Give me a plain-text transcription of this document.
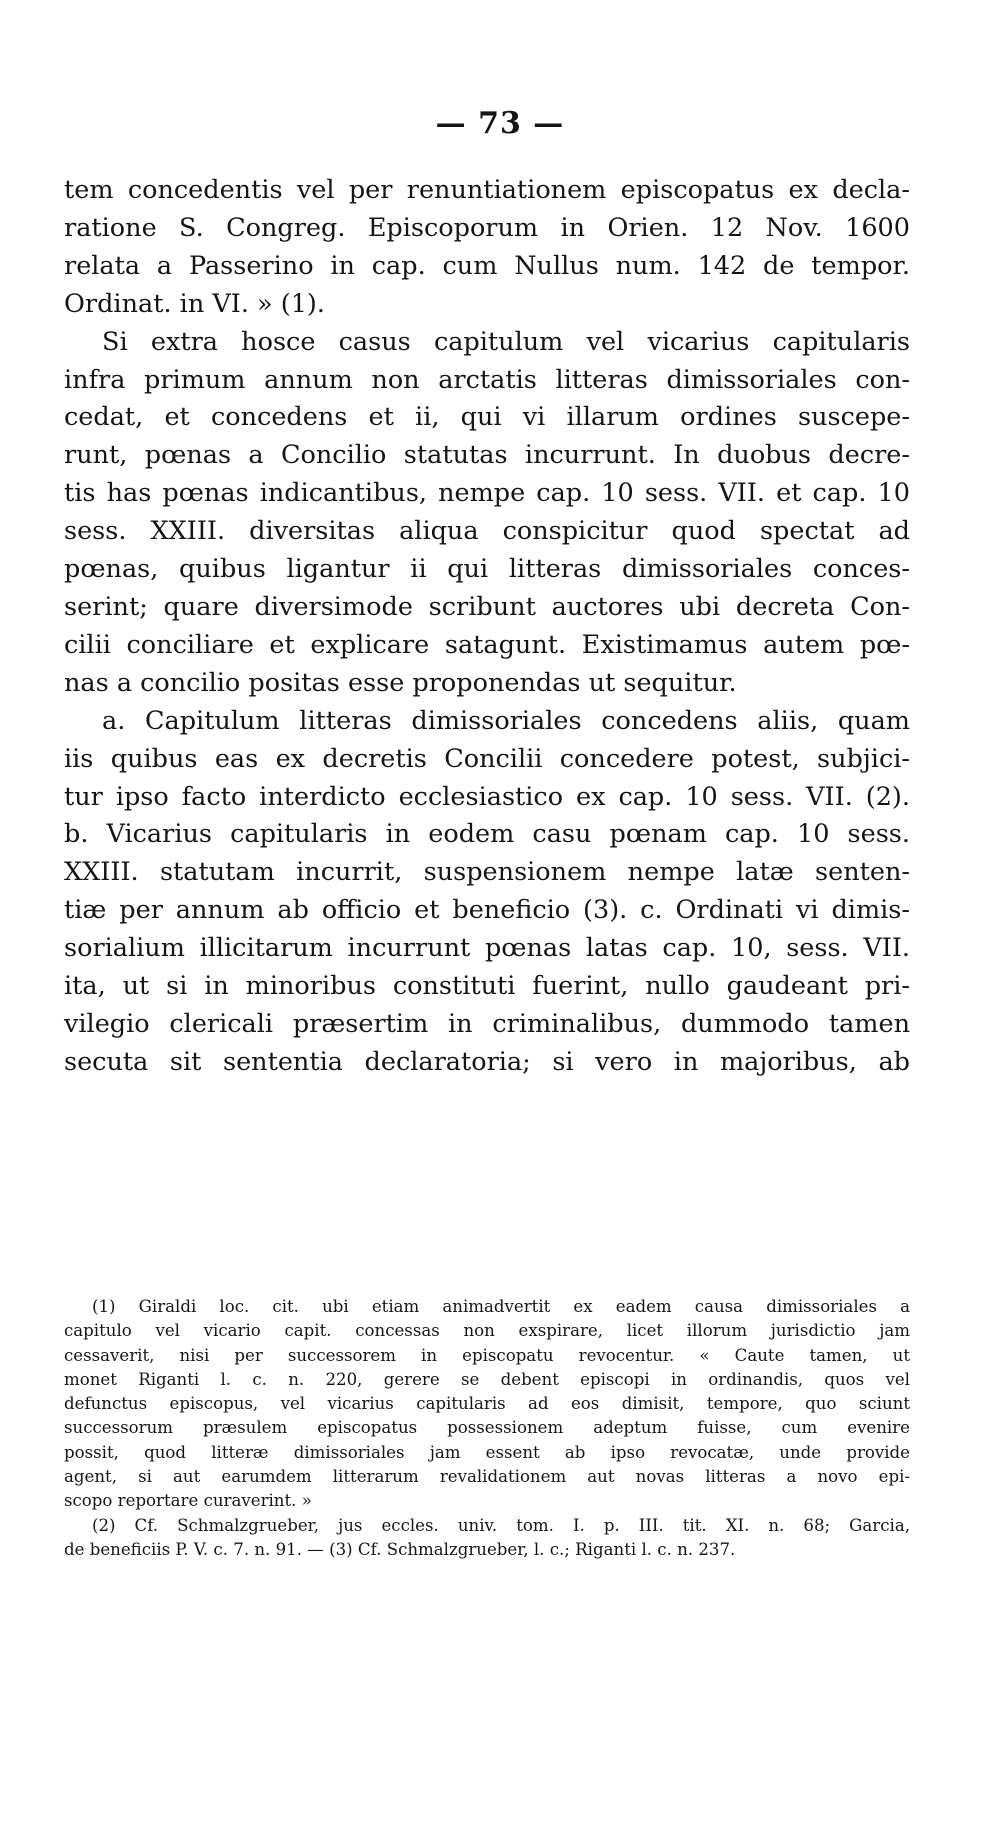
— 73 —
tem concedentis vel per renuntiationem episcopatus ex decla-
ratione S. Congreg. Episcoporum in Orien. 12 Nov. 1600
relata a Passerino in cap. cum Nullus num. 142 de tempor.
Ordinat. in VI. » (1).
Si extra hosce casus capitulum vel vicarius capitularis
infra primum annum non arctatis litteras dimissoriales con-
cedat, et concedens et ii, qui vi illarum ordines suscepe-
runt, pœnas a Concilio statutas incurrunt. In duobus decre-
tis has pœnas indicantibus, nempe cap. 10 sess. VII. et cap. 10
sess. XXIII. diversitas aliqua conspicitur quod spectat ad
pœnas, quibus ligantur ii qui litteras dimissoriales conces-
serint; quare diversimode scribunt auctores ubi decreta Con-
cilii conciliare et explicare satagunt. Existimamus autem pœ-
nas a concilio positas esse proponendas ut sequitur.
a. Capitulum litteras dimissoriales concedens aliis, quam
iis quibus eas ex decretis Concilii concedere potest, subjici-
tur ipso facto interdicto ecclesiastico ex cap. 10 sess. VII. (2).
b. Vicarius capitularis in eodem casu pœnam cap. 10 sess.
XXIII. statutam incurrit, suspensionem nempe latæ senten-
tiæ per annum ab officio et beneficio (3). c. Ordinati vi dimis-
sorialium illicitarum incurrunt pœnas latas cap. 10, sess. VII.
ita, ut si in minoribus constituti fuerint, nullo gaudeant pri-
vilegio clericali præsertim in criminalibus, dummodo tamen
secuta sit sententia declaratoria; si vero in majoribus, ab
(1) Giraldi loc. cit. ubi etiam animadvertit ex eadem causa dimissoriales a
capitulo vel vicario capit. concessas non exspirare, licet illorum jurisdictio jam
cessaverit, nisi per successorem in episcopatu revocentur. « Caute tamen, ut
monet Riganti l. c. n. 220, gerere se debent episcopi in ordinandis, quos vel
defunctus episcopus, vel vicarius capitularis ad eos dimisit, tempore, quo sciunt
successorum præsulem episcopatus possessionem adeptum fuisse, cum evenire
possit, quod litteræ dimissoriales jam essent ab ipso revocatæ, unde provide
agent, si aut earumdem litterarum revalidationem aut novas litteras a novo epi-
scopo reportare curaverint. »
(2) Cf. Schmalzgrueber, jus eccles. univ. tom. I. p. III. tit. XI. n. 68; Garcia,
de beneficiis P. V. c. 7. n. 91. — (3) Cf. Schmalzgrueber, l. c.; Riganti l. c. n. 237.
